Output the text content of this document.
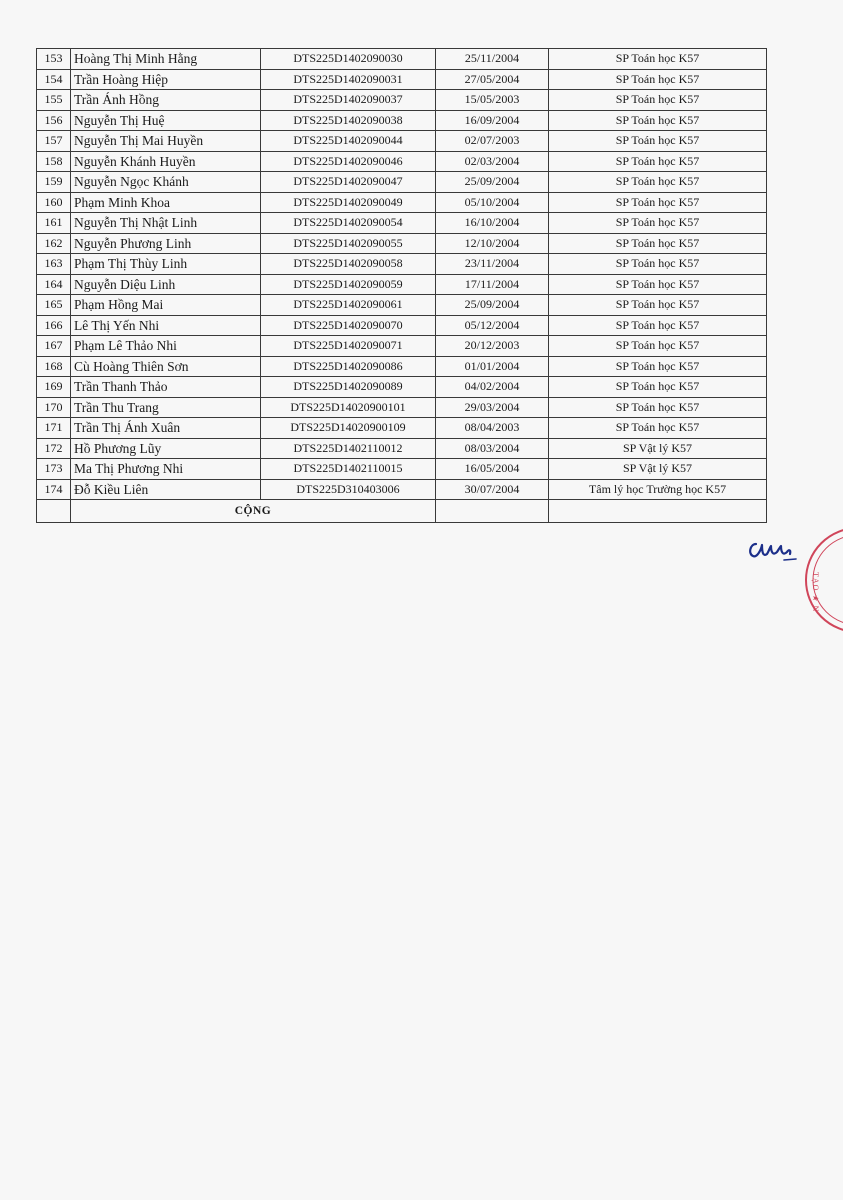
153	Hoàng Thị Minh Hằng	DTS225D1402090030	25/11/2004	SP Toán học K57
154	Trần Hoàng Hiệp	DTS225D1402090031	27/05/2004	SP Toán học K57
155	Trần Ánh Hồng	DTS225D1402090037	15/05/2003	SP Toán học K57
156	Nguyễn Thị Huệ	DTS225D1402090038	16/09/2004	SP Toán học K57
157	Nguyễn Thị Mai Huyền	DTS225D1402090044	02/07/2003	SP Toán học K57
158	Nguyễn Khánh Huyền	DTS225D1402090046	02/03/2004	SP Toán học K57
159	Nguyễn Ngọc Khánh	DTS225D1402090047	25/09/2004	SP Toán học K57
160	Phạm Minh Khoa	DTS225D1402090049	05/10/2004	SP Toán học K57
161	Nguyễn Thị Nhật Linh	DTS225D1402090054	16/10/2004	SP Toán học K57
162	Nguyễn Phương Linh	DTS225D1402090055	12/10/2004	SP Toán học K57
163	Phạm Thị Thùy Linh	DTS225D1402090058	23/11/2004	SP Toán học K57
164	Nguyễn Diệu Linh	DTS225D1402090059	17/11/2004	SP Toán học K57
165	Phạm Hồng Mai	DTS225D1402090061	25/09/2004	SP Toán học K57
166	Lê Thị Yến Nhi	DTS225D1402090070	05/12/2004	SP Toán học K57
167	Phạm Lê Thảo Nhi	DTS225D1402090071	20/12/2003	SP Toán học K57
168	Cù Hoàng Thiên Sơn	DTS225D1402090086	01/01/2004	SP Toán học K57
169	Trần Thanh Thảo	DTS225D1402090089	04/02/2004	SP Toán học K57
170	Trần Thu Trang	DTS225D14020900101	29/03/2004	SP Toán học K57
171	Trần Thị Ánh Xuân	DTS225D14020900109	08/04/2003	SP Toán học K57
172	Hồ Phương Lũy	DTS225D1402110012	08/03/2004	SP Vật lý K57
173	Ma Thị Phương Nhi	DTS225D1402110015	16/05/2004	SP Vật lý K57
174	Đỗ Kiều Liên	DTS225D310403006	30/07/2004	Tâm lý học Trường học K57
	CỘNG			
TẠO ★ N
